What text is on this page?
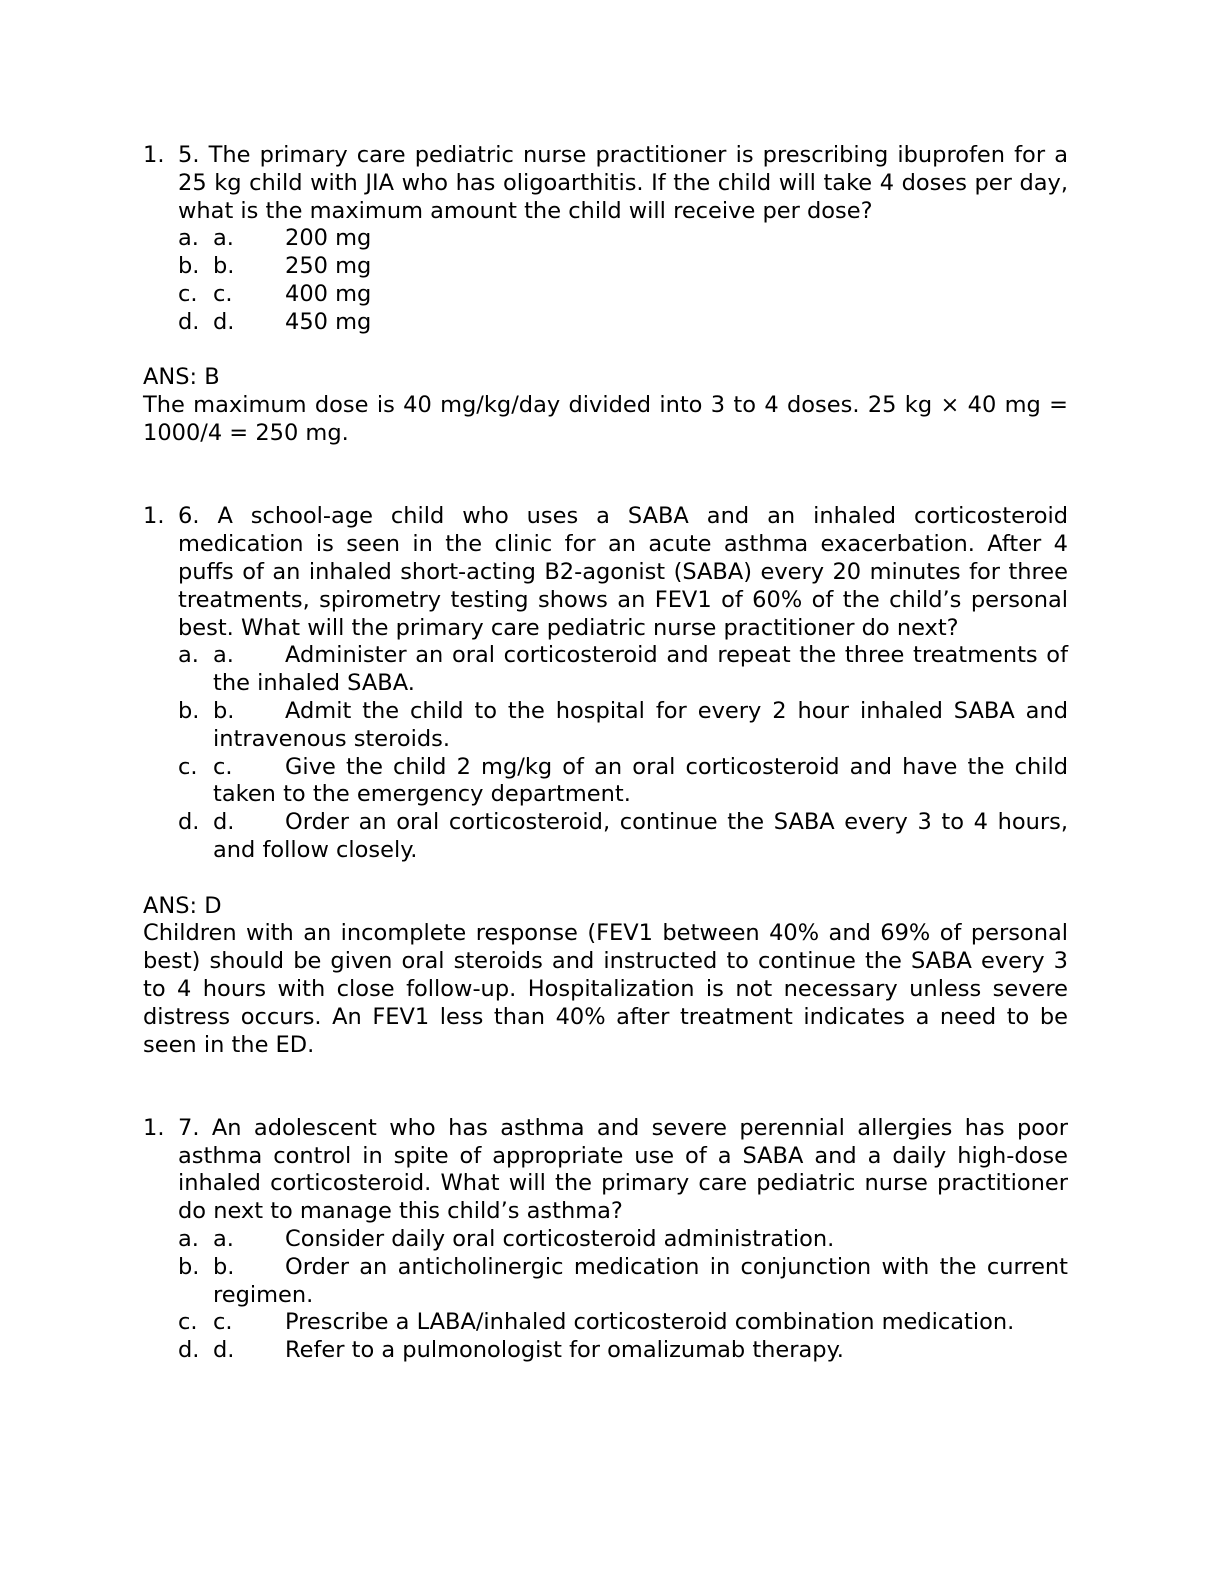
1. 5. The primary care pediatric nurse practitioner is prescribing ibuprofen for a 25 kg child with JIA who has oligoarthitis. If the child will take 4 doses per day, what is the maximum amount the child will receive per dose?
a. a.	200 mg
b. b.	250 mg
c. c.	400 mg
d. d.	450 mg
ANS: B
The maximum dose is 40 mg/kg/day divided into 3 to 4 doses. 25 kg × 40 mg = 1000/4 = 250 mg.
1. 6. A school-age child who uses a SABA and an inhaled corticosteroid medication is seen in the clinic for an acute asthma exacerbation. After 4 puffs of an inhaled short-acting B2-agonist (SABA) every 20 minutes for three treatments, spirometry testing shows an FEV1 of 60% of the child’s personal best. What will the primary care pediatric nurse practitioner do next?
a. a. Administer an oral corticosteroid and repeat the three treatments of the inhaled SABA.
b. b. Admit the child to the hospital for every 2 hour inhaled SABA and intravenous steroids.
c. c. Give the child 2 mg/kg of an oral corticosteroid and have the child taken to the emergency department.
d. d. Order an oral corticosteroid, continue the SABA every 3 to 4 hours, and follow closely.
ANS: D
Children with an incomplete response (FEV1 between 40% and 69% of personal best) should be given oral steroids and instructed to continue the SABA every 3 to 4 hours with close follow-up. Hospitalization is not necessary unless severe distress occurs. An FEV1 less than 40% after treatment indicates a need to be seen in the ED.
1. 7. An adolescent who has asthma and severe perennial allergies has poor asthma control in spite of appropriate use of a SABA and a daily high-dose inhaled corticosteroid. What will the primary care pediatric nurse practitioner do next to manage this child’s asthma?
a. a. Consider daily oral corticosteroid administration.
b. b. Order an anticholinergic medication in conjunction with the current regimen.
c. c. Prescribe a LABA/inhaled corticosteroid combination medication.
d. d. Refer to a pulmonologist for omalizumab therapy.
